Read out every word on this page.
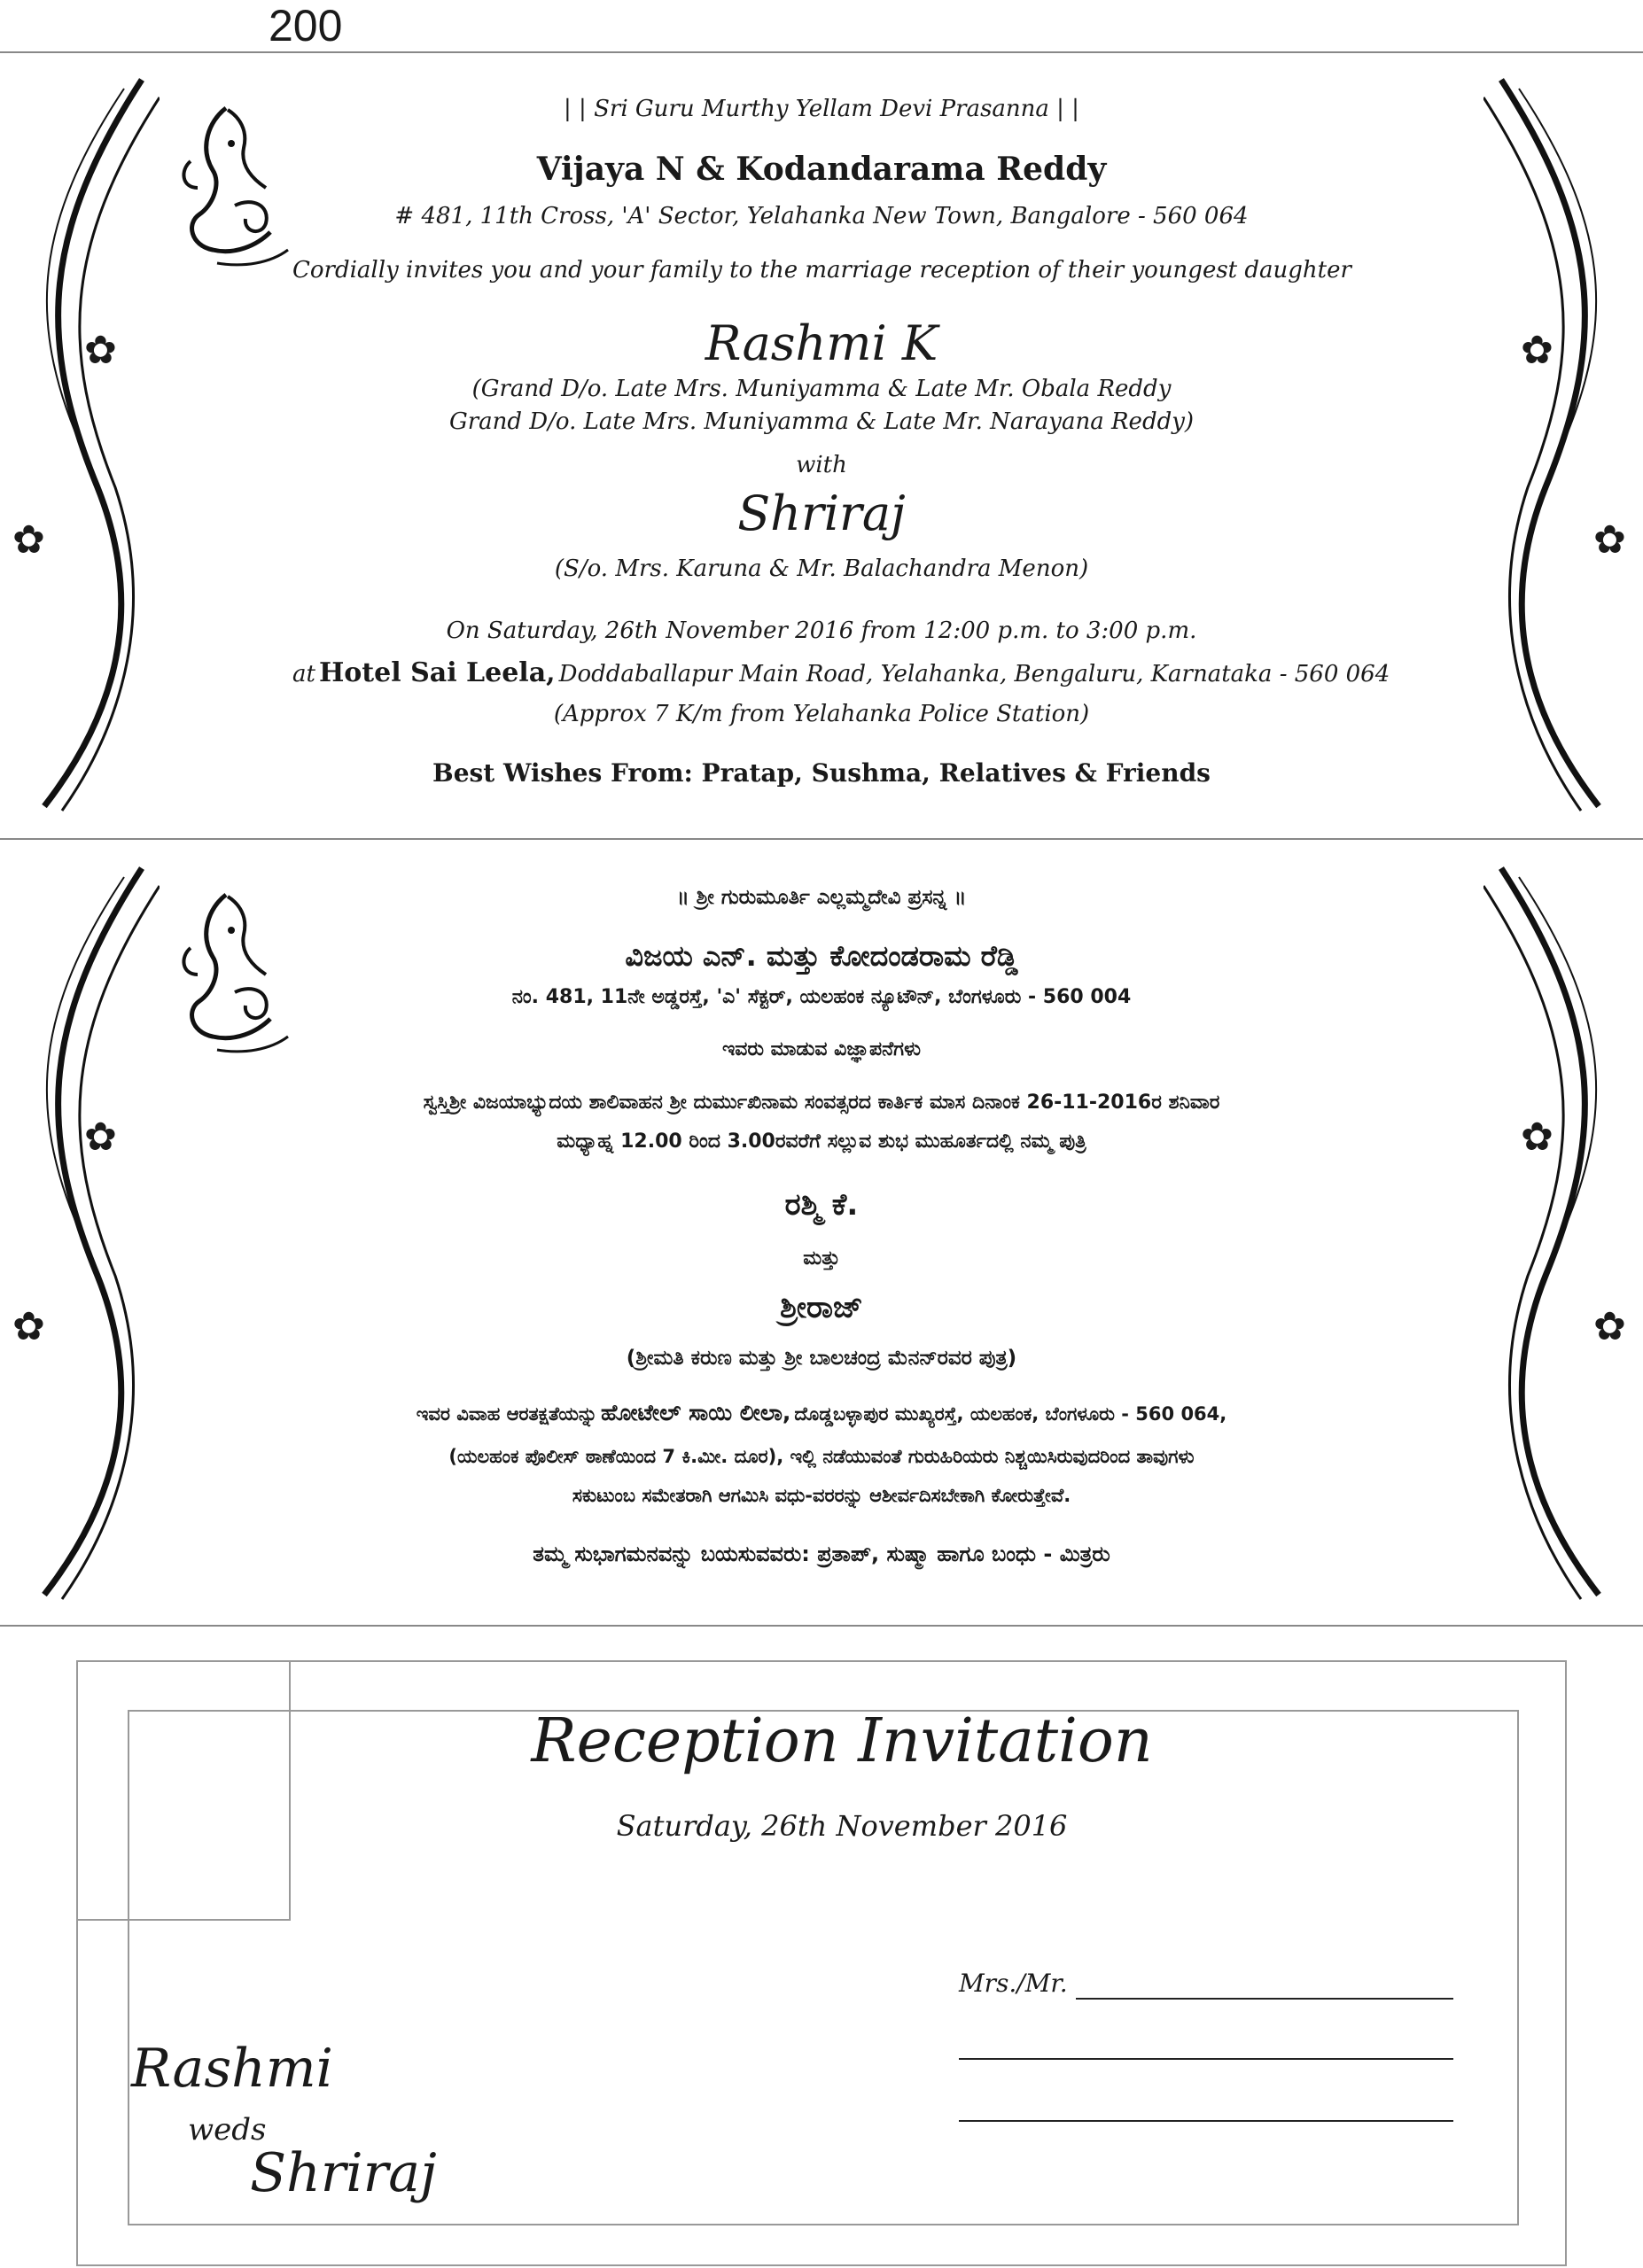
200
✿
✿
✿
✿
| | Sri Guru Murthy Yellam Devi Prasanna | |
Vijaya N & Kodandarama Reddy
# 481, 11th Cross, 'A' Sector, Yelahanka New Town, Bangalore - 560 064
Cordially invites you and your family to the marriage reception of their youngest daughter
Rashmi K
(Grand D/o. Late Mrs. Muniyamma & Late Mr. Obala Reddy
Grand D/o. Late Mrs. Muniyamma & Late Mr. Narayana Reddy)
with
Shriraj
(S/o. Mrs. Karuna & Mr. Balachandra Menon)
On Saturday, 26th November 2016 from 12:00 p.m. to 3:00 p.m.
at Hotel Sai Leela, Doddaballapur Main Road, Yelahanka, Bengaluru, Karnataka - 560 064
(Approx 7 K/m from Yelahanka Police Station)
Best Wishes From: Pratap, Sushma, Relatives & Friends
✿
✿
✿
✿
॥ ಶ್ರೀ ಗುರುಮೂರ್ತಿ ಎಲ್ಲಮ್ಮದೇವಿ ಪ್ರಸನ್ನ ॥
ವಿಜಯ ಎನ್. ಮತ್ತು ಕೋದಂಡರಾಮ ರೆಡ್ಡಿ
ನಂ. 481, 11ನೇ ಅಡ್ಡರಸ್ತೆ, 'ಎ' ಸೆಕ್ಟರ್, ಯಲಹಂಕ ನ್ಯೂಟೌನ್, ಬೆಂಗಳೂರು - 560 004
ಇವರು ಮಾಡುವ ವಿಜ್ಞಾಪನೆಗಳು
ಸ್ವಸ್ತಿಶ್ರೀ ವಿಜಯಾಭ್ಯುದಯ ಶಾಲಿವಾಹನ ಶ್ರೀ ದುರ್ಮುಖಿನಾಮ ಸಂವತ್ಸರದ ಕಾರ್ತಿಕ ಮಾಸ ದಿನಾಂಕ 26-11-2016ರ ಶನಿವಾರ
ಮಧ್ಯಾಹ್ನ 12.00 ರಿಂದ 3.00ರವರೆಗೆ ಸಲ್ಲುವ ಶುಭ ಮುಹೂರ್ತದಲ್ಲಿ ನಮ್ಮ ಪುತ್ರಿ
ರಶ್ಮಿ ಕೆ.
ಮತ್ತು
ಶ್ರೀರಾಜ್
(ಶ್ರೀಮತಿ ಕರುಣ ಮತ್ತು ಶ್ರೀ ಬಾಲಚಂದ್ರ ಮೆನನ್‌ರವರ ಪುತ್ರ)
ಇವರ ವಿವಾಹ ಆರತಕ್ಷತೆಯನ್ನು ಹೋಟೇಲ್ ಸಾಯಿ ಲೀಲಾ, ದೊಡ್ಡಬಳ್ಳಾಪುರ ಮುಖ್ಯರಸ್ತೆ, ಯಲಹಂಕ, ಬೆಂಗಳೂರು - 560 064,
(ಯಲಹಂಕ ಪೊಲೀಸ್ ಠಾಣೆಯಿಂದ 7 ಕಿ.ಮೀ. ದೂರ), ಇಲ್ಲಿ ನಡೆಯುವಂತೆ ಗುರುಹಿರಿಯರು ನಿಶ್ಚಯಿಸಿರುವುದರಿಂದ ತಾವುಗಳು
ಸಕುಟುಂಬ ಸಮೇತರಾಗಿ ಆಗಮಿಸಿ ವಧು-ವರರನ್ನು ಆಶೀರ್ವದಿಸಬೇಕಾಗಿ ಕೋರುತ್ತೇವೆ.
ತಮ್ಮ ಸುಭಾಗಮನವನ್ನು ಬಯಸುವವರು: ಪ್ರತಾಪ್, ಸುಷ್ಮಾ ಹಾಗೂ ಬಂಧು - ಮಿತ್ರರು
Reception Invitation
Saturday, 26th November 2016
Mrs./Mr.
Rashmi
weds
Shriraj
